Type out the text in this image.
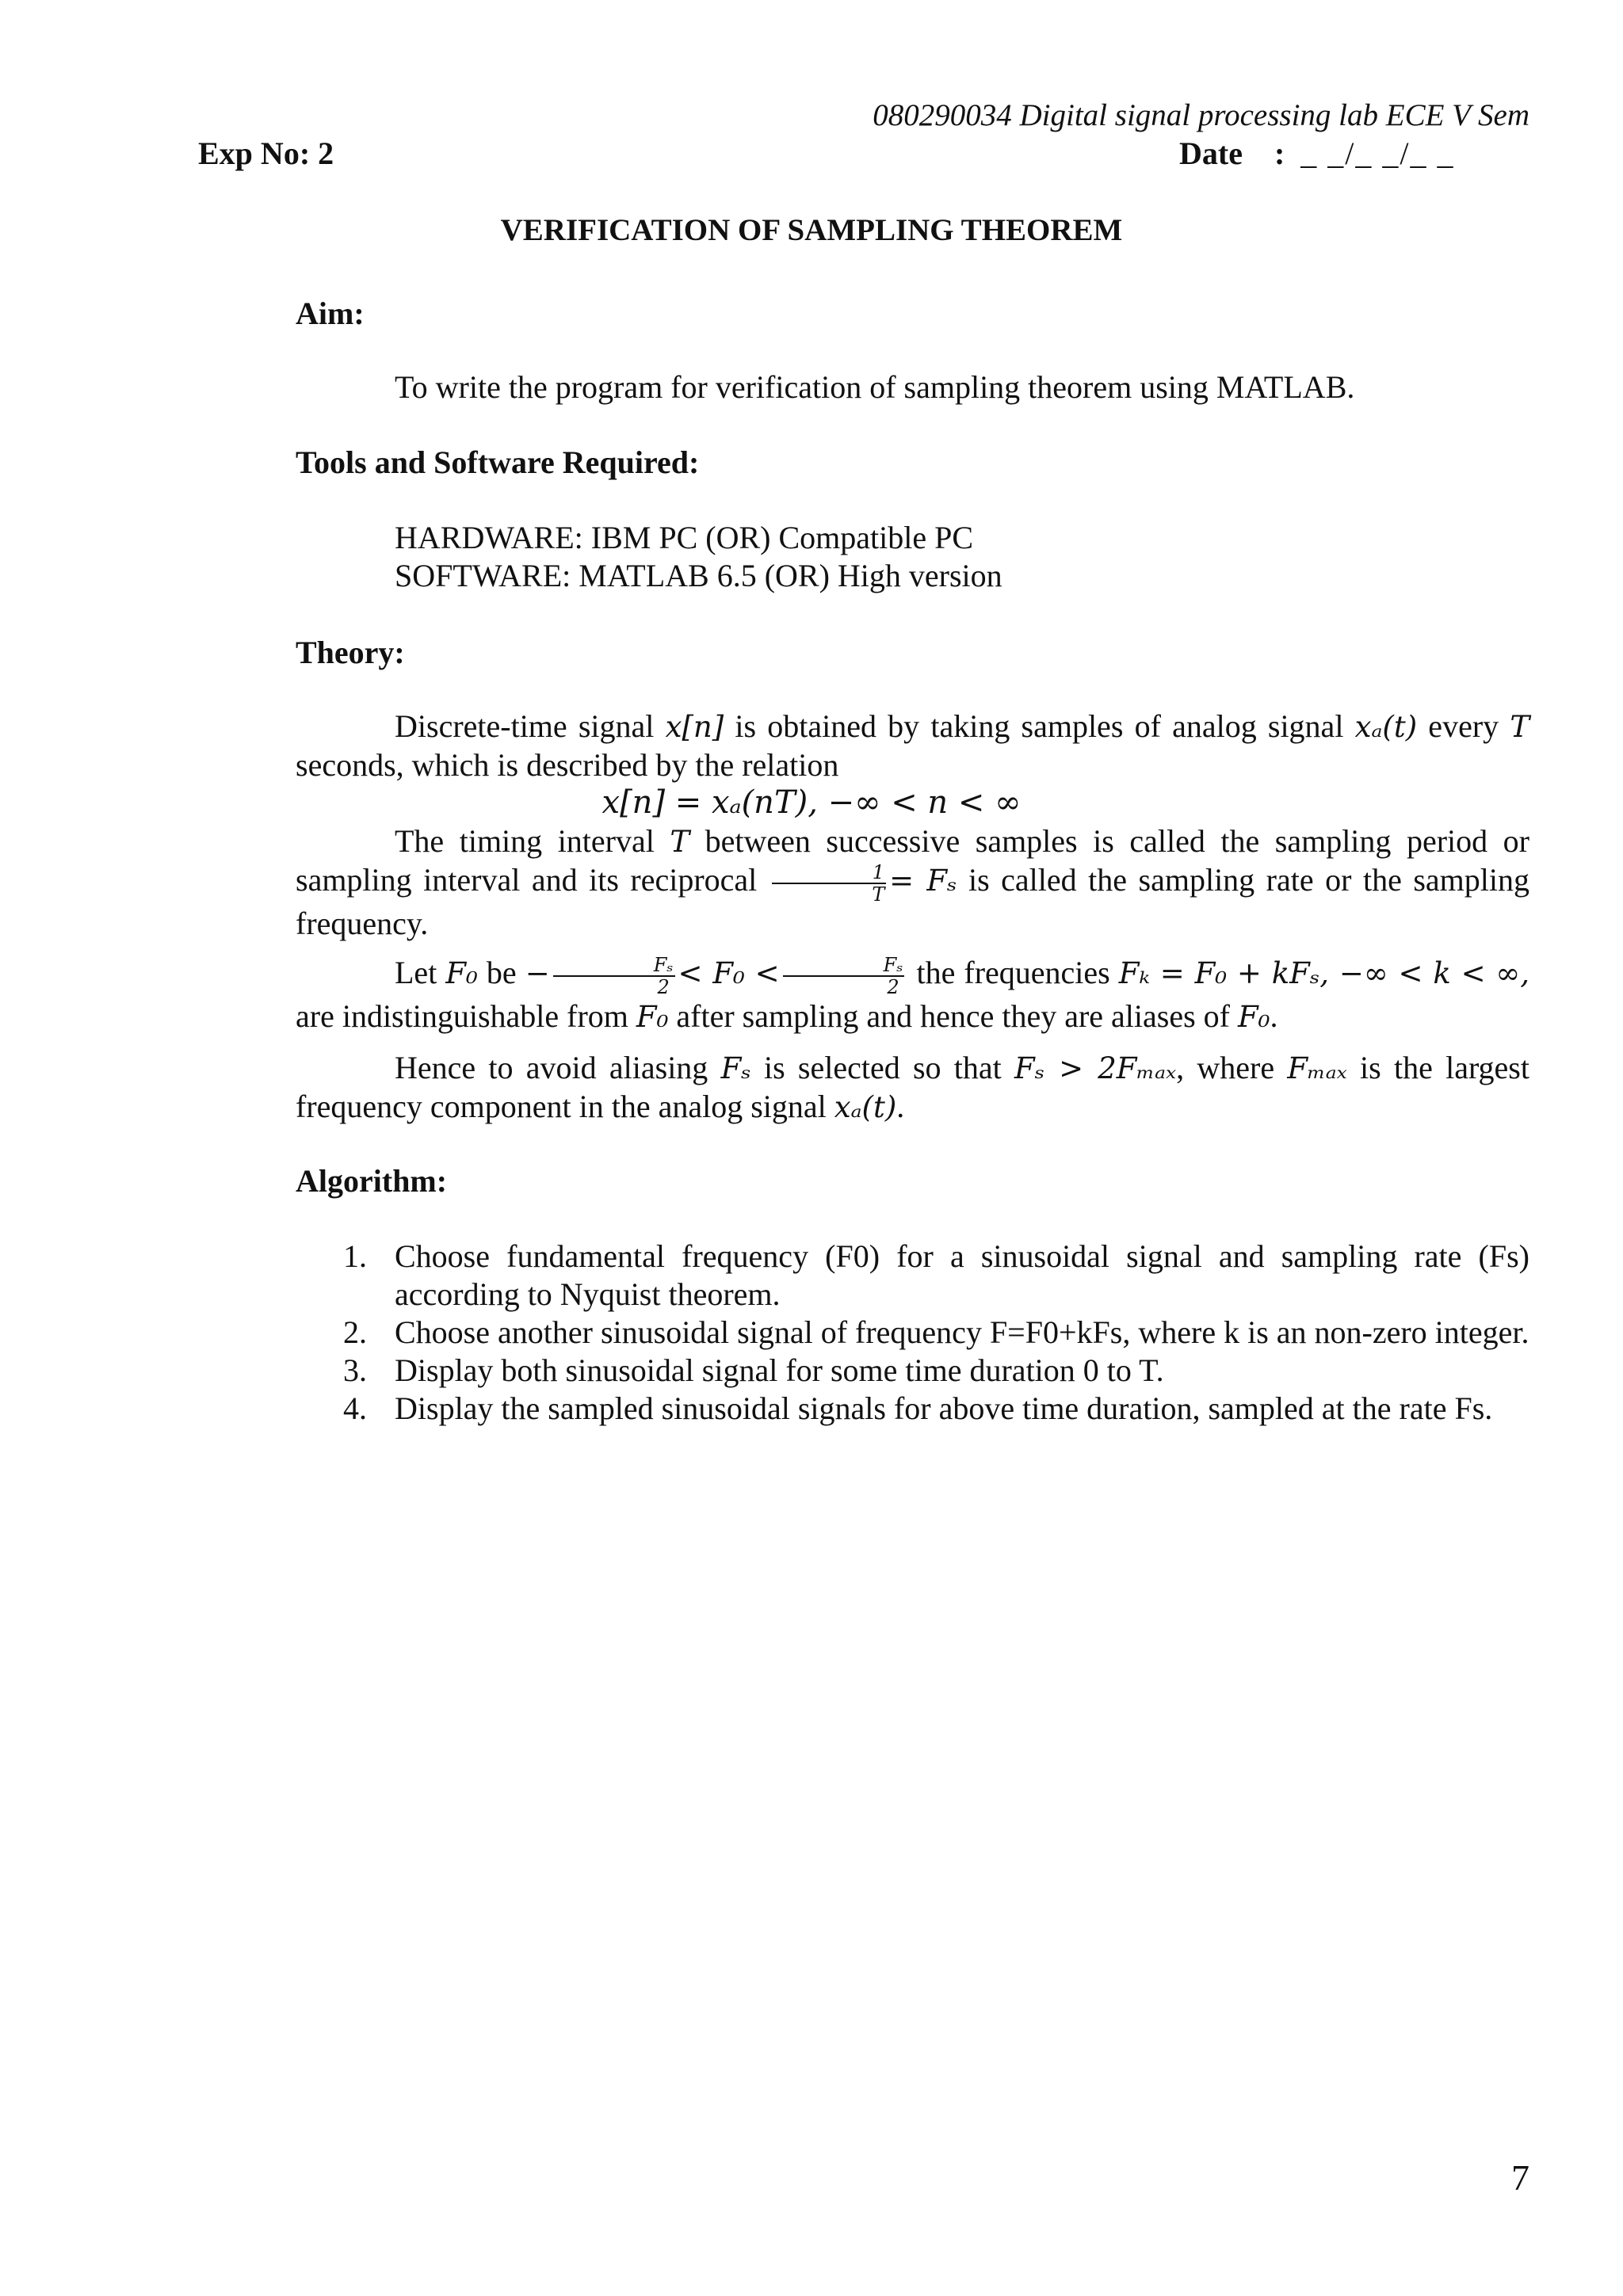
080290034 Digital signal processing lab ECE V Sem
Exp No: 2	Date : _ _/_ _/_ _
VERIFICATION OF SAMPLING THEOREM
Aim:
To write the program for verification of sampling theorem using MATLAB.
Tools and Software Required:
HARDWARE: IBM PC (OR) Compatible PC
SOFTWARE: MATLAB 6.5 (OR) High version
Theory:

Discrete-time signal x[n] is obtained by taking samples of analog signal xₐ(t) every T seconds, which is described by the relation

x[n] = xₐ(nT), −∞ < n < ∞

The timing interval T between successive samples is called the sampling period or sampling interval and its reciprocal $\frac{1}{T} = F_s$ is called the sampling rate or the sampling frequency.

Let F₀ be − $\frac{\text{Fₛ}}{2} < F_0 < \frac{\text{Fₛ}}{2}$ the frequencies Fₖ = F₀ + kFₛ, −∞ < k < ∞, are indistinguishable from F₀ after sampling and hence they are aliases of F₀.

Hence to avoid aliasing Fₛ is selected so that Fₛ > 2Fₘₐₓ, where Fₘₐₓ is the largest frequency component in the analog signal xₐ(t).

Algorithm:
1. Choose fundamental frequency (F0) for a sinusoidal signal and sampling rate (Fs) according to Nyquist theorem.
2. Choose another sinusoidal signal of frequency F=F0+kFs, where k is an non-zero integer.
3. Display both sinusoidal signal for some time duration 0 to T.
4. Display the sampled sinusoidal signals for above time duration, sampled at the rate Fs.
7
